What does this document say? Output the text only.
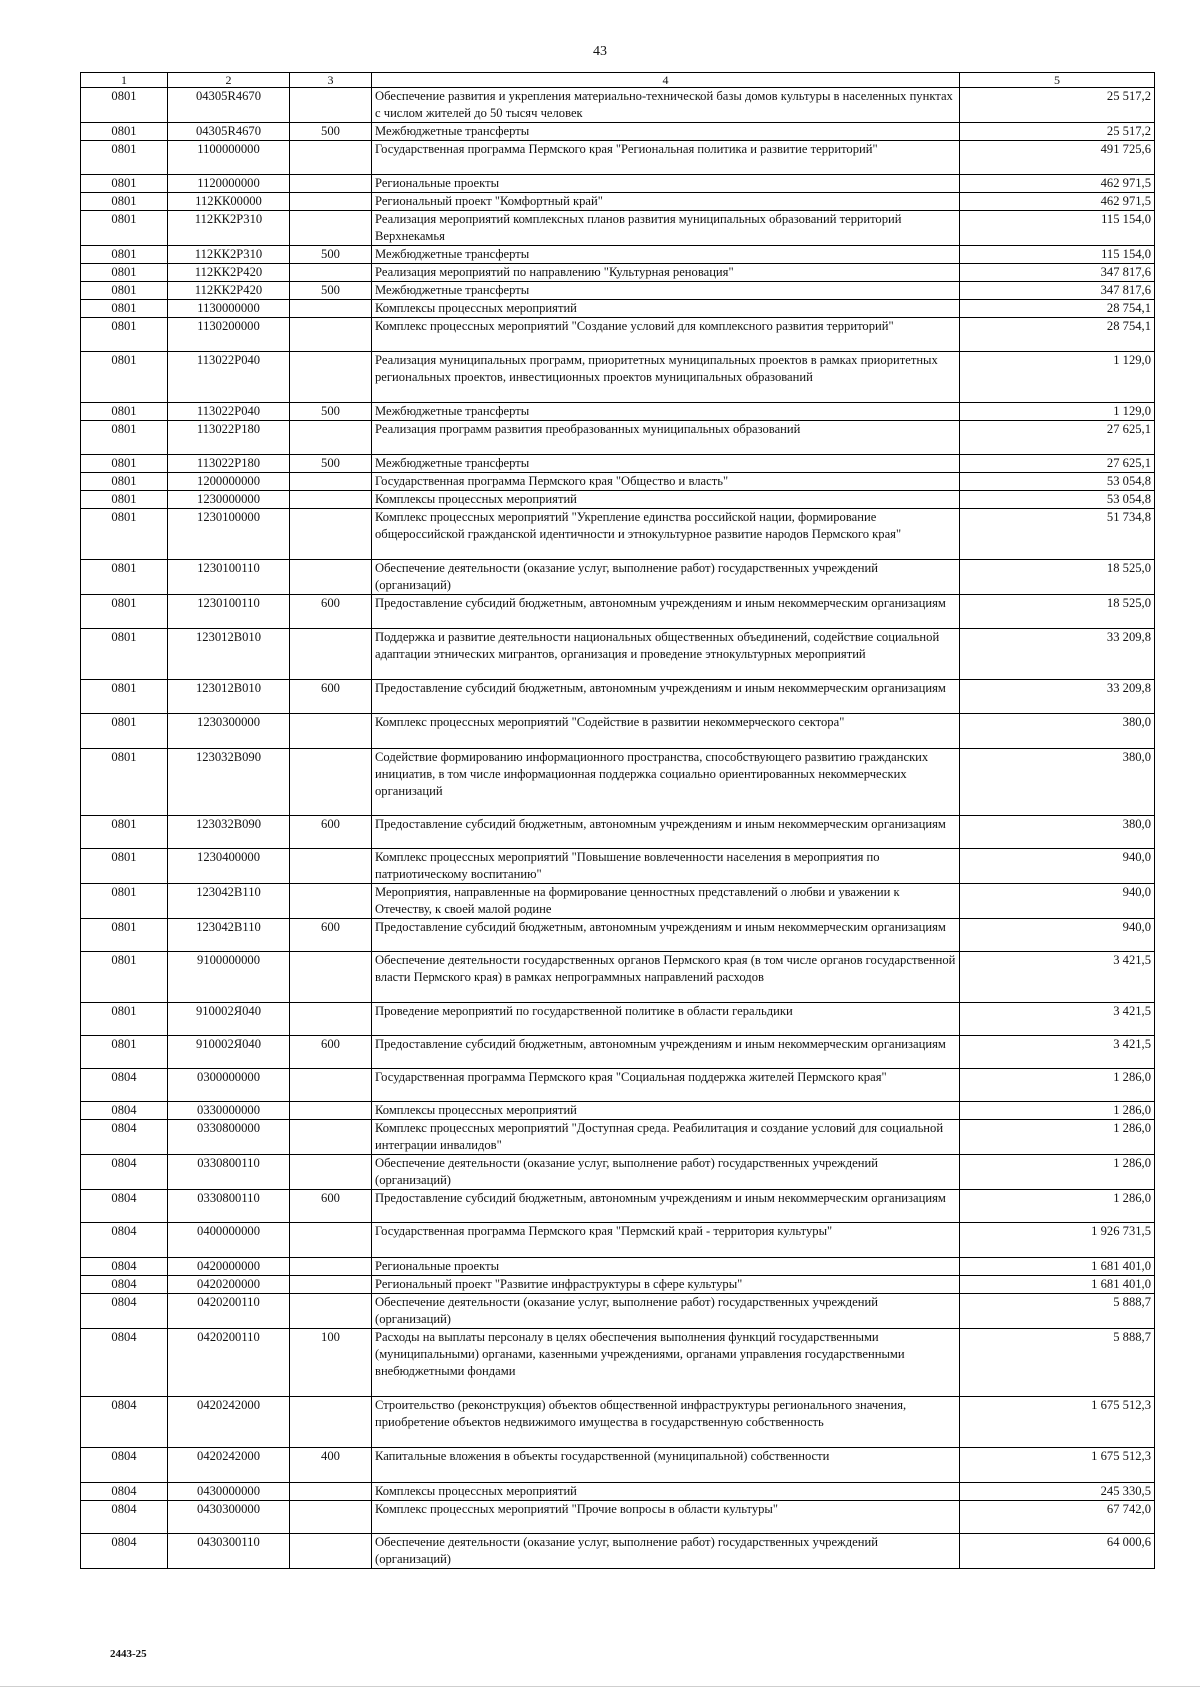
43
1	2	3	4	5
0801	04305R4670		Обеспечение развития и укрепления материально-технической базы домов культуры в населенных пунктах с числом жителей до 50 тысяч человек	25 517,2
0801	04305R4670	500	Межбюджетные трансферты	25 517,2
0801	1100000000		Государственная программа Пермского края "Региональная политика и развитие территорий"	491 725,6
0801	1120000000		Региональные проекты	462 971,5
0801	112КК00000		Региональный проект "Комфортный край"	462 971,5
0801	112КК2Р310		Реализация мероприятий комплексных планов развития муниципальных образований территорий Верхнекамья	115 154,0
0801	112КК2Р310	500	Межбюджетные трансферты	115 154,0
0801	112КК2Р420		Реализация мероприятий по направлению "Культурная реновация"	347 817,6
0801	112КК2Р420	500	Межбюджетные трансферты	347 817,6
0801	1130000000		Комплексы процессных мероприятий	28 754,1
0801	1130200000		Комплекс процессных мероприятий "Создание условий для комплексного развития территорий"	28 754,1
0801	113022Р040		Реализация муниципальных программ, приоритетных муниципальных проектов в рамках приоритетных региональных проектов, инвестиционных проектов муниципальных образований	1 129,0
0801	113022Р040	500	Межбюджетные трансферты	1 129,0
0801	113022Р180		Реализация программ развития преобразованных муниципальных образований	27 625,1
0801	113022Р180	500	Межбюджетные трансферты	27 625,1
0801	1200000000		Государственная программа Пермского края "Общество и власть"	53 054,8
0801	1230000000		Комплексы процессных мероприятий	53 054,8
0801	1230100000		Комплекс процессных мероприятий "Укрепление единства российской нации, формирование общероссийской гражданской идентичности и этнокультурное развитие народов Пермского края"	51 734,8
0801	1230100110		Обеспечение деятельности (оказание услуг, выполнение работ) государственных учреждений (организаций)	18 525,0
0801	1230100110	600	Предоставление субсидий бюджетным, автономным учреждениям и иным некоммерческим организациям	18 525,0
0801	123012В010		Поддержка и развитие деятельности национальных общественных объединений, содействие социальной адаптации этнических мигрантов, организация и проведение этнокультурных мероприятий	33 209,8
0801	123012В010	600	Предоставление субсидий бюджетным, автономным учреждениям и иным некоммерческим организациям	33 209,8
0801	1230300000		Комплекс процессных мероприятий "Содействие в развитии некоммерческого сектора"	380,0
0801	123032В090		Содействие формированию информационного пространства, способствующего развитию гражданских инициатив, в том числе информационная поддержка социально ориентированных некоммерческих организаций	380,0
0801	123032В090	600	Предоставление субсидий бюджетным, автономным учреждениям и иным некоммерческим организациям	380,0
0801	1230400000		Комплекс процессных мероприятий "Повышение вовлеченности населения в мероприятия по патриотическому воспитанию"	940,0
0801	123042В110		Мероприятия, направленные на формирование ценностных представлений о любви и уважении к Отечеству, к своей малой родине	940,0
0801	123042В110	600	Предоставление субсидий бюджетным, автономным учреждениям и иным некоммерческим организациям	940,0
0801	9100000000		Обеспечение деятельности государственных органов Пермского края (в том числе органов государственной власти Пермского края) в рамках непрограммных направлений расходов	3 421,5
0801	910002Я040		Проведение мероприятий по государственной политике в области геральдики	3 421,5
0801	910002Я040	600	Предоставление субсидий бюджетным, автономным учреждениям и иным некоммерческим организациям	3 421,5
0804	0300000000		Государственная программа Пермского края "Социальная поддержка жителей Пермского края"	1 286,0
0804	0330000000		Комплексы процессных мероприятий	1 286,0
0804	0330800000		Комплекс процессных мероприятий "Доступная среда. Реабилитация и создание условий для социальной интеграции инвалидов"	1 286,0
0804	0330800110		Обеспечение деятельности (оказание услуг, выполнение работ) государственных учреждений (организаций)	1 286,0
0804	0330800110	600	Предоставление субсидий бюджетным, автономным учреждениям и иным некоммерческим организациям	1 286,0
0804	0400000000		Государственная программа Пермского края "Пермский край - территория культуры"	1 926 731,5
0804	0420000000		Региональные проекты	1 681 401,0
0804	0420200000		Региональный проект "Развитие инфраструктуры в сфере культуры"	1 681 401,0
0804	0420200110		Обеспечение деятельности (оказание услуг, выполнение работ) государственных учреждений (организаций)	5 888,7
0804	0420200110	100	Расходы на выплаты персоналу в целях обеспечения выполнения функций государственными (муниципальными) органами, казенными учреждениями, органами управления государственными внебюджетными фондами	5 888,7
0804	0420242000		Строительство (реконструкция) объектов общественной инфраструктуры регионального значения, приобретение объектов недвижимого имущества в государственную собственность	1 675 512,3
0804	0420242000	400	Капитальные вложения в объекты государственной (муниципальной) собственности	1 675 512,3
0804	0430000000		Комплексы процессных мероприятий	245 330,5
0804	0430300000		Комплекс процессных мероприятий "Прочие вопросы в области культуры"	67 742,0
0804	0430300110		Обеспечение деятельности (оказание услуг, выполнение работ) государственных учреждений (организаций)	64 000,6
2443-25
